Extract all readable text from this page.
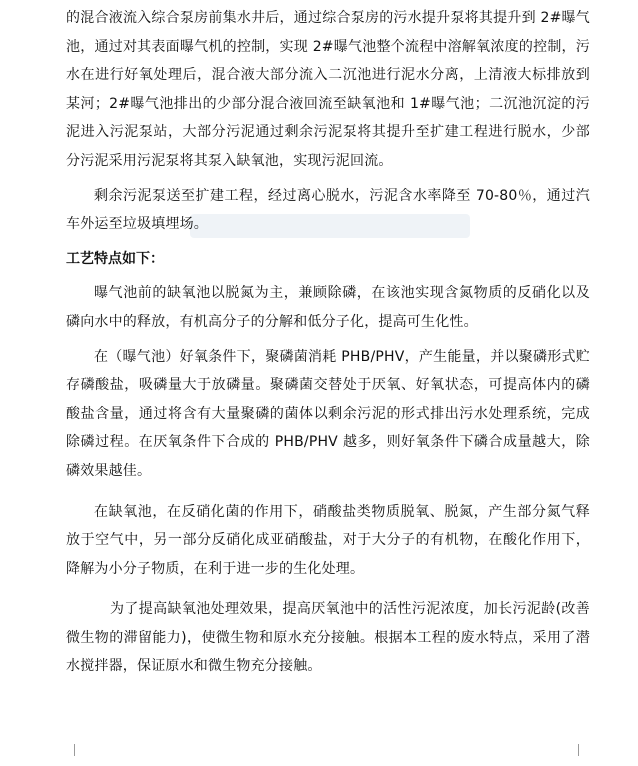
的混合液流入综合泵房前集水井后，通过综合泵房的污水提升泵将其提升到 2#曝气池，通过对其表面曝气机的控制，实现 2#曝气池整个流程中溶解氧浓度的控制，污水在进行好氧处理后，混合液大部分流入二沉池进行泥水分离，上清液大标排放到某河；2#曝气池排出的少部分混合液回流至缺氧池和 1#曝气池；二沉池沉淀的污泥进入污泥泵站，大部分污泥通过剩余污泥泵将其提升至扩建工程进行脱水，少部分污泥采用污泥泵将其泵入缺氧池，实现污泥回流。

剩余污泥泵送至扩建工程，经过离心脱水，污泥含水率降至 70-80％，通过汽车外运至垃圾填埋场。

工艺特点如下：

曝气池前的缺氧池以脱氮为主，兼顾除磷，在该池实现含氮物质的反硝化以及磷向水中的释放，有机高分子的分解和低分子化，提高可生化性。

在（曝气池）好氧条件下，聚磷菌消耗 PHB/PHV，产生能量，并以聚磷形式贮存磷酸盐，吸磷量大于放磷量。聚磷菌交替处于厌氧、好氧状态，可提高体内的磷酸盐含量，通过将含有大量聚磷的菌体以剩余污泥的形式排出污水处理系统，完成除磷过程。在厌氧条件下合成的 PHB/PHV 越多，则好氧条件下磷合成量越大，除磷效果越佳。

在缺氧池，在反硝化菌的作用下，硝酸盐类物质脱氧、脱氮，产生部分氮气释放于空气中，另一部分反硝化成亚硝酸盐，对于大分子的有机物，在酸化作用下，降解为小分子物质，在利于进一步的生化处理。

为了提高缺氧池处理效果，提高厌氧池中的活性污泥浓度，加长污泥龄(改善微生物的滞留能力)，使微生物和原水充分接触。根据本工程的废水特点，采用了潜水搅拌器，保证原水和微生物充分接触。
